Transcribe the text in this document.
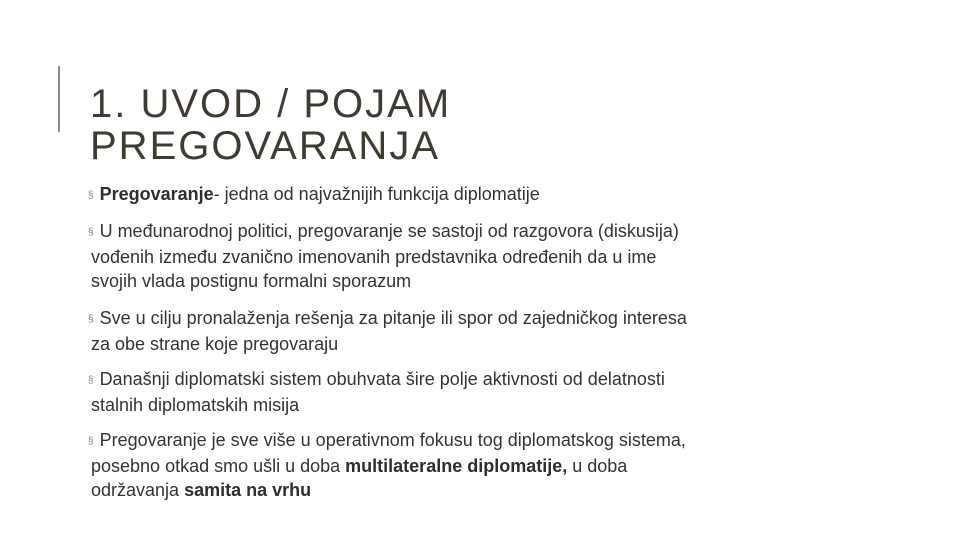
1. UVOD / POJAM
PREGOVARANJA
§ Pregovaranje- jedna od najvažnijih funkcija diplomatije
§ U međunarodnoj politici, pregovaranje se sastoji od razgovora (diskusija)
vođenih između zvanično imenovanih predstavnika određenih da u ime
svojih vlada postignu formalni sporazum
§ Sve u cilju pronalaženja rešenja za pitanje ili spor od zajedničkog interesa
za obe strane koje pregovaraju
§ Današnji diplomatski sistem obuhvata šire polje aktivnosti od delatnosti
stalnih diplomatskih misija
§ Pregovaranje je sve više u operativnom fokusu tog diplomatskog sistema,
posebno otkad smo ušli u doba multilateralne diplomatije, u doba
održavanja samita na vrhu
